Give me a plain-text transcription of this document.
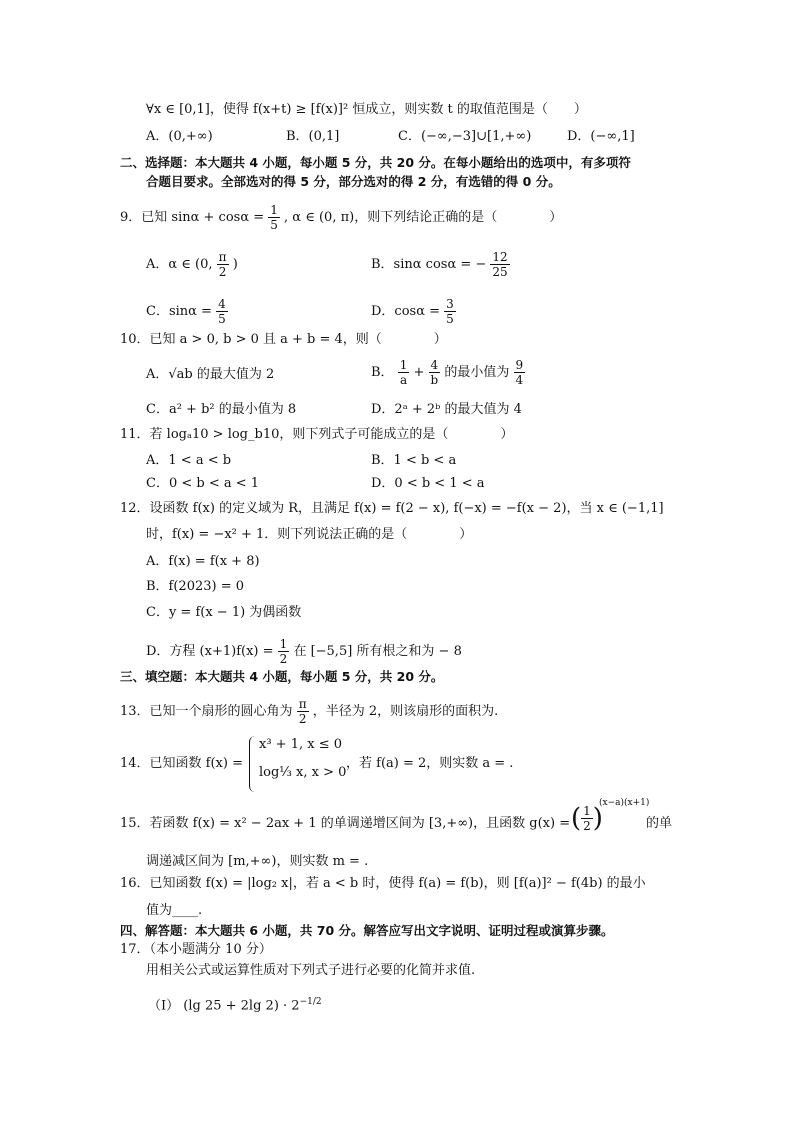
∀x ∈ [0,1]，使得 f(x+t) ≥ [f(x)]² 恒成立，则实数 t 的取值范围是（　　）
A．(0,+∞)	B．(0,1]	C．(−∞,−3]∪[1,+∞)	D．(−∞,1]
二、选择题：本大题共 4 小题，每小题 5 分，共 20 分。在每小题给出的选项中，有多项符
合题目要求。全部选对的得 5 分，部分选对的得 2 分，有选错的得 0 分。
9．已知 $\sin\alpha + \cos\alpha = \frac{1}{5}$ , α ∈ (0, π)，则下列结论正确的是（　　　　）
A．α ∈ (0, $\frac{\pi}{2}$ )	B．sinα cosα = − $\frac{12}{25}$
C．$\sin\alpha = \frac{4}{5}$	D．$\cos\alpha = \frac{3}{5}$
10．已知 a > 0, b > 0 且 a + b = 4，则（　　　　）
A．√ab 的最大值为 2	B． $\frac{1}{a} + \frac{4}{b}$ 的最小值为 $\frac{9}{4}$
C．a² + b² 的最小值为 8	D．2ᵃ + 2ᵇ 的最大值为 4
11．若 logₐ10 > log_b10，则下列式子可能成立的是（　　　　）
A．1 < a < b	B．1 < b < a
C．0 < b < a < 1	D．0 < b < 1 < a
12．设函数 f(x) 的定义域为 R，且满足 f(x) = f(2 − x), f(−x) = −f(x − 2)，当 x ∈ (−1,1]
时，f(x) = −x² + 1．则下列说法正确的是（　　　　）
A．f(x) = f(x + 8)
B．f(2023) = 0
C．y = f(x − 1) 为偶函数
D．方程 $(x+1)f(x) = \frac{1}{2}$ 在 [−5,5] 所有根之和为 − 8
三、填空题：本大题共 4 小题，每小题 5 分，共 20 分。
13．已知一个扇形的圆心角为 $\frac{\pi}{2}$ ，半径为 2，则该扇形的面积为.
14．已知函数 f(x) =
x³ + 1, x ≤ 0
log⅓ x, x > 0
，若 f(a) = 2，则实数 a = .
15．若函数 f(x) = x² − 2ax + 1 的单调递增区间为 [3,+∞)，且函数 g(x) = ( $\frac{1}{2}$ )
(x−a)(x+1)
的单
调递减区间为 [m,+∞)，则实数 m = .
16．已知函数 f(x) = |log₂ x|，若 a < b 时，使得 f(a) = f(b)，则 [f(a)]² − f(4b) 的最小
值为____.
四、解答题：本大题共 6 小题，共 70 分。解答应写出文字说明、证明过程或演算步骤。
17．（本小题满分 10 分）
用相关公式或运算性质对下列式子进行必要的化简并求值.
（Ⅰ） (lg 25 + 2lg $2) \cdot 2^{-1/2}$
